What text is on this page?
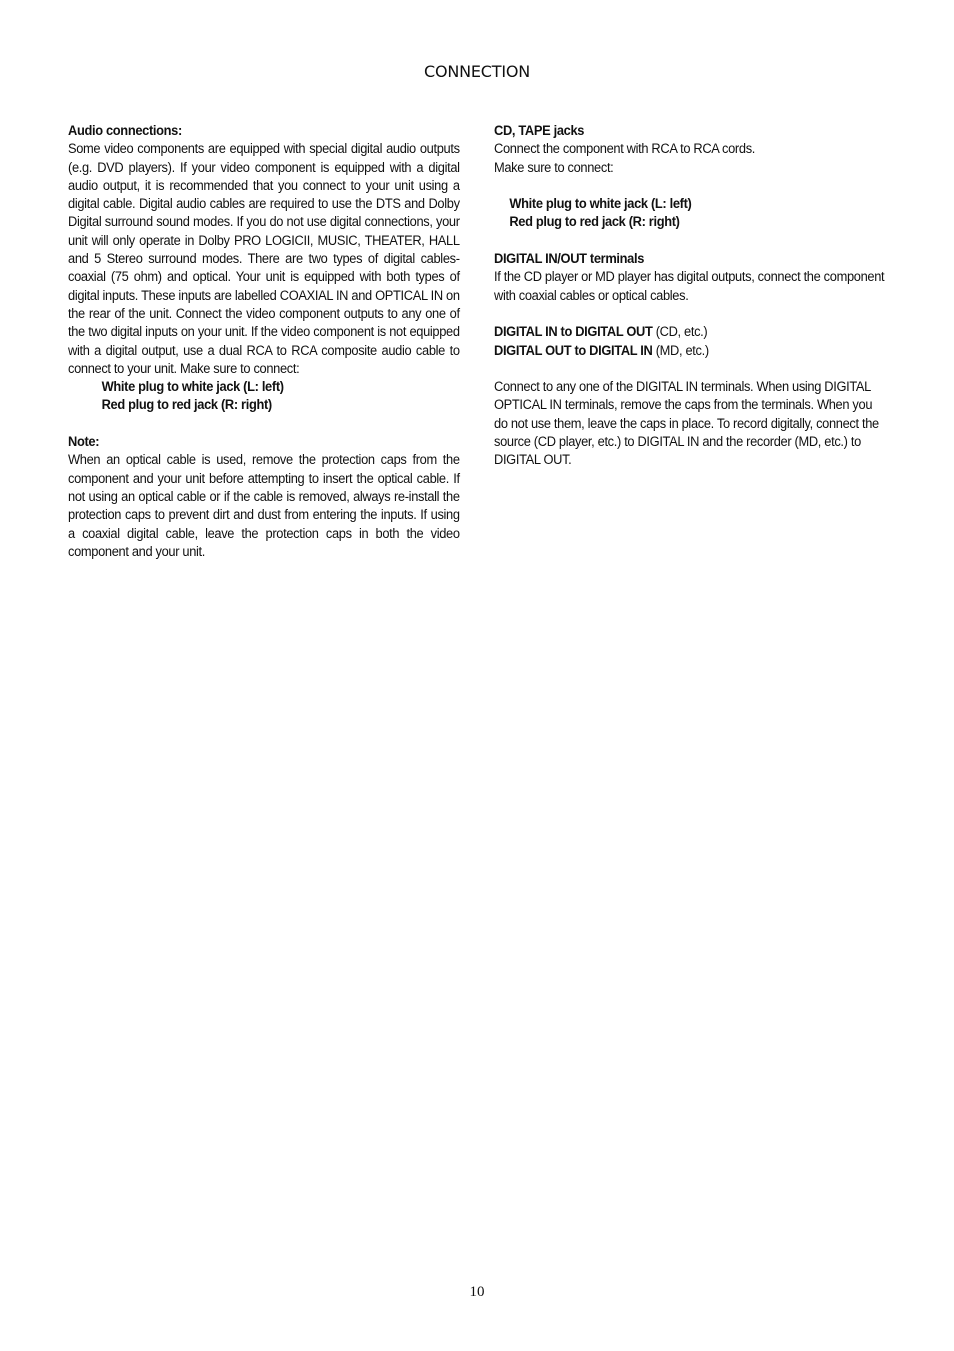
CONNECTION

Audio connections:

Some video components are equipped with special digital audio outputs (e.g. DVD players). If your video component is equipped with a digital audio output, it is recommended that you connect to your unit using a digital cable. Digital audio cables are required to use the DTS and Dolby Digital surround sound modes. If you do not use digital connections, your unit will only operate in Dolby PRO LOGICII, MUSIC, THEATER, HALL and 5 Stereo surround modes. There are two types of digital cables-coaxial (75 ohm) and optical. Your unit is equipped with both types of digital inputs. These inputs are labelled COAXIAL IN and OPTICAL IN on the rear of the unit. Connect the video component outputs to any one of the two digital inputs on your unit. If the video component is not equipped with a digital output, use a dual RCA to RCA composite audio cable to connect to your unit. Make sure to connect:

White plug to white jack (L: left)

Red plug to red jack (R: right)

Note:

When an optical cable is used, remove the protection caps from the component and your unit before attempting to insert the optical cable. If not using an optical cable or if the cable is removed, always re-install the protection caps to prevent dirt and dust from entering the inputs. If using a coaxial digital cable, leave the protection caps in both the video component and your unit.

CD, TAPE jacks

Connect the component with RCA to RCA cords.

Make sure to connect:

White plug to white jack (L: left)

Red plug to red jack (R: right)

DIGITAL IN/OUT terminals

If the CD player or MD player has digital outputs, connect the component with coaxial cables or optical cables.

DIGITAL IN to DIGITAL OUT (CD, etc.)

DIGITAL OUT to DIGITAL IN (MD, etc.)

Connect to any one of the DIGITAL IN terminals. When using DIGITAL OPTICAL IN terminals, remove the caps from the terminals. When you do not use them, leave the caps in place. To record digitally, connect the source (CD player, etc.) to DIGITAL IN and the recorder (MD, etc.) to DIGITAL OUT.

10
